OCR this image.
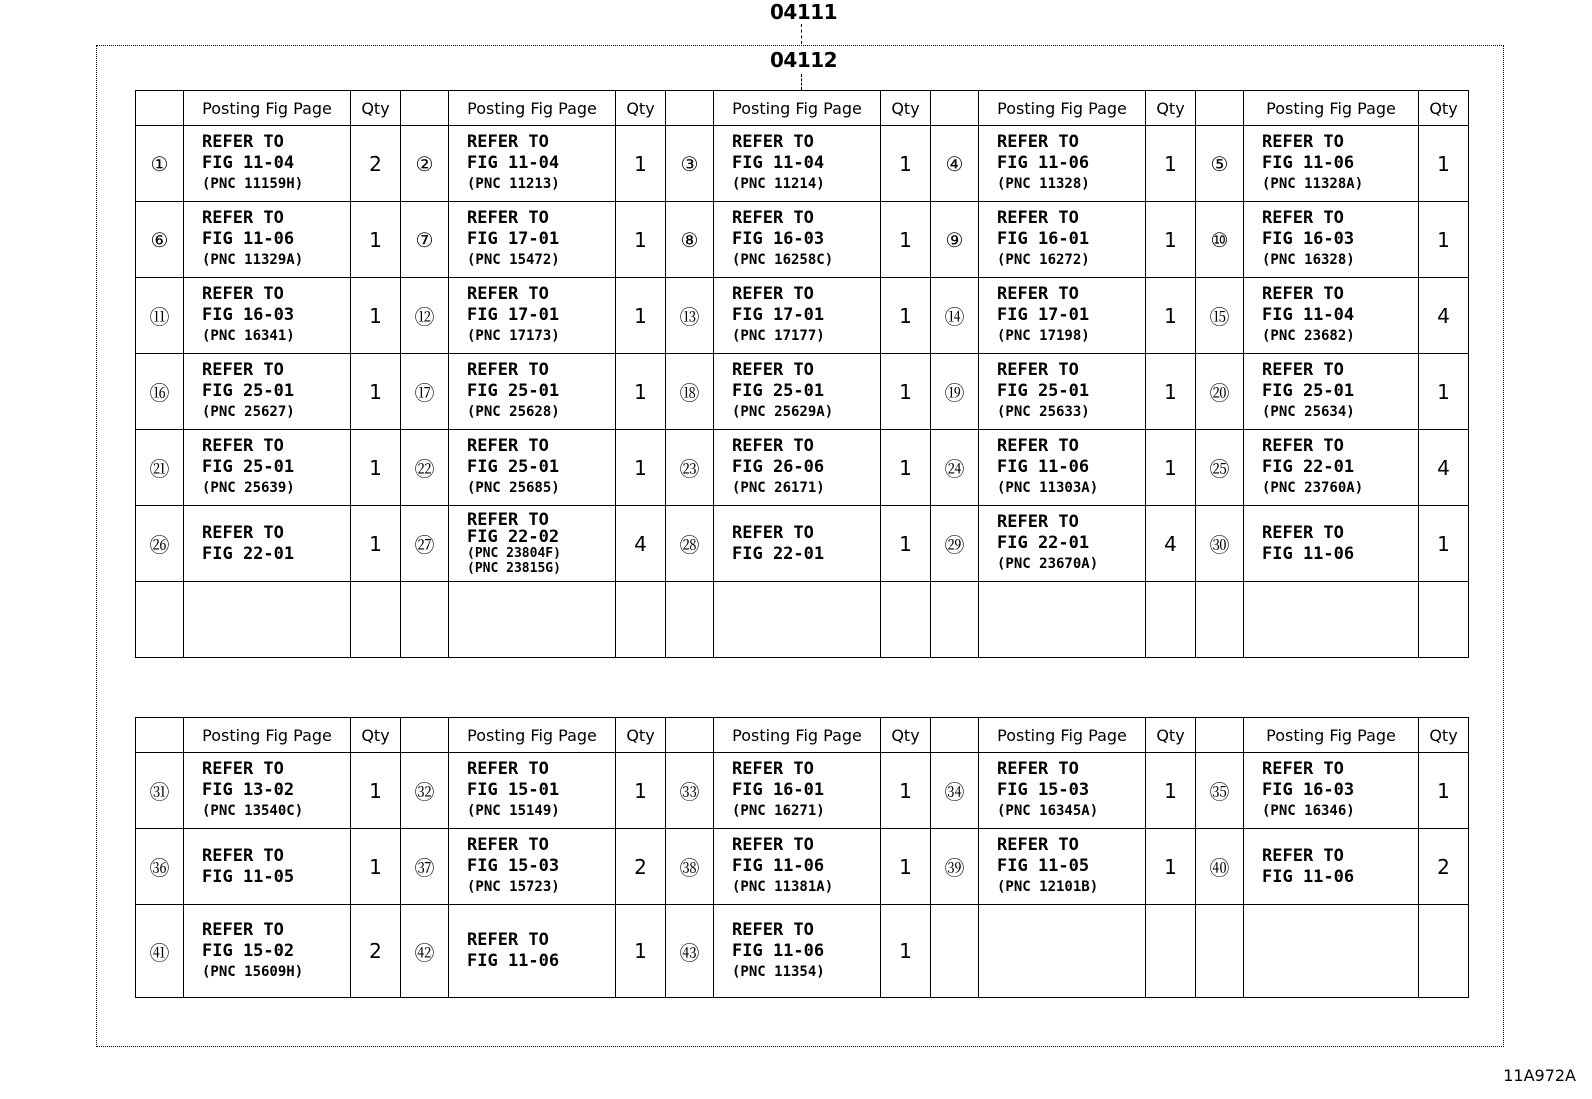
04111
04112
	Posting Fig Page	Qty		Posting Fig Page	Qty		Posting Fig Page	Qty		Posting Fig Page	Qty		Posting Fig Page	Qty
①	REFER TO
FIG 11-04
(PNC 11159H)	2	②	REFER TO
FIG 11-04
(PNC 11213)	1	③	REFER TO
FIG 11-04
(PNC 11214)	1	④	REFER TO
FIG 11-06
(PNC 11328)	1	⑤	REFER TO
FIG 11-06
(PNC 11328A)	1
⑥	REFER TO
FIG 11-06
(PNC 11329A)	1	⑦	REFER TO
FIG 17-01
(PNC 15472)	1	⑧	REFER TO
FIG 16-03
(PNC 16258C)	1	⑨	REFER TO
FIG 16-01
(PNC 16272)	1	⑩	REFER TO
FIG 16-03
(PNC 16328)	1
⑪	REFER TO
FIG 16-03
(PNC 16341)	1	⑫	REFER TO
FIG 17-01
(PNC 17173)	1	⑬	REFER TO
FIG 17-01
(PNC 17177)	1	⑭	REFER TO
FIG 17-01
(PNC 17198)	1	⑮	REFER TO
FIG 11-04
(PNC 23682)	4
⑯	REFER TO
FIG 25-01
(PNC 25627)	1	⑰	REFER TO
FIG 25-01
(PNC 25628)	1	⑱	REFER TO
FIG 25-01
(PNC 25629A)	1	⑲	REFER TO
FIG 25-01
(PNC 25633)	1	⑳	REFER TO
FIG 25-01
(PNC 25634)	1
㉑	REFER TO
FIG 25-01
(PNC 25639)	1	㉒	REFER TO
FIG 25-01
(PNC 25685)	1	㉓	REFER TO
FIG 26-06
(PNC 26171)	1	㉔	REFER TO
FIG 11-06
(PNC 11303A)	1	㉕	REFER TO
FIG 22-01
(PNC 23760A)	4
㉖	REFER TO
FIG 22-01	1	㉗	REFER TO
FIG 22-02
(PNC 23804F)
(PNC 23815G)	4	㉘	REFER TO
FIG 22-01	1	㉙	REFER TO
FIG 22-01
(PNC 23670A)	4	㉚	REFER TO
FIG 11-06	1

	Posting Fig Page	Qty		Posting Fig Page	Qty		Posting Fig Page	Qty		Posting Fig Page	Qty		Posting Fig Page	Qty
㉛	REFER TO
FIG 13-02
(PNC 13540C)	1	㉜	REFER TO
FIG 15-01
(PNC 15149)	1	㉝	REFER TO
FIG 16-01
(PNC 16271)	1	㉞	REFER TO
FIG 15-03
(PNC 16345A)	1	㉟	REFER TO
FIG 16-03
(PNC 16346)	1
㊱	REFER TO
FIG 11-05	1	㊲	REFER TO
FIG 15-03
(PNC 15723)	2	㊳	REFER TO
FIG 11-06
(PNC 11381A)	1	㊴	REFER TO
FIG 11-05
(PNC 12101B)	1	㊵	REFER TO
FIG 11-06	2
㊶	REFER TO
FIG 15-02
(PNC 15609H)	2	㊷	REFER TO
FIG 11-06	1	㊸	REFER TO
FIG 11-06
(PNC 11354)	1						
11A972A
